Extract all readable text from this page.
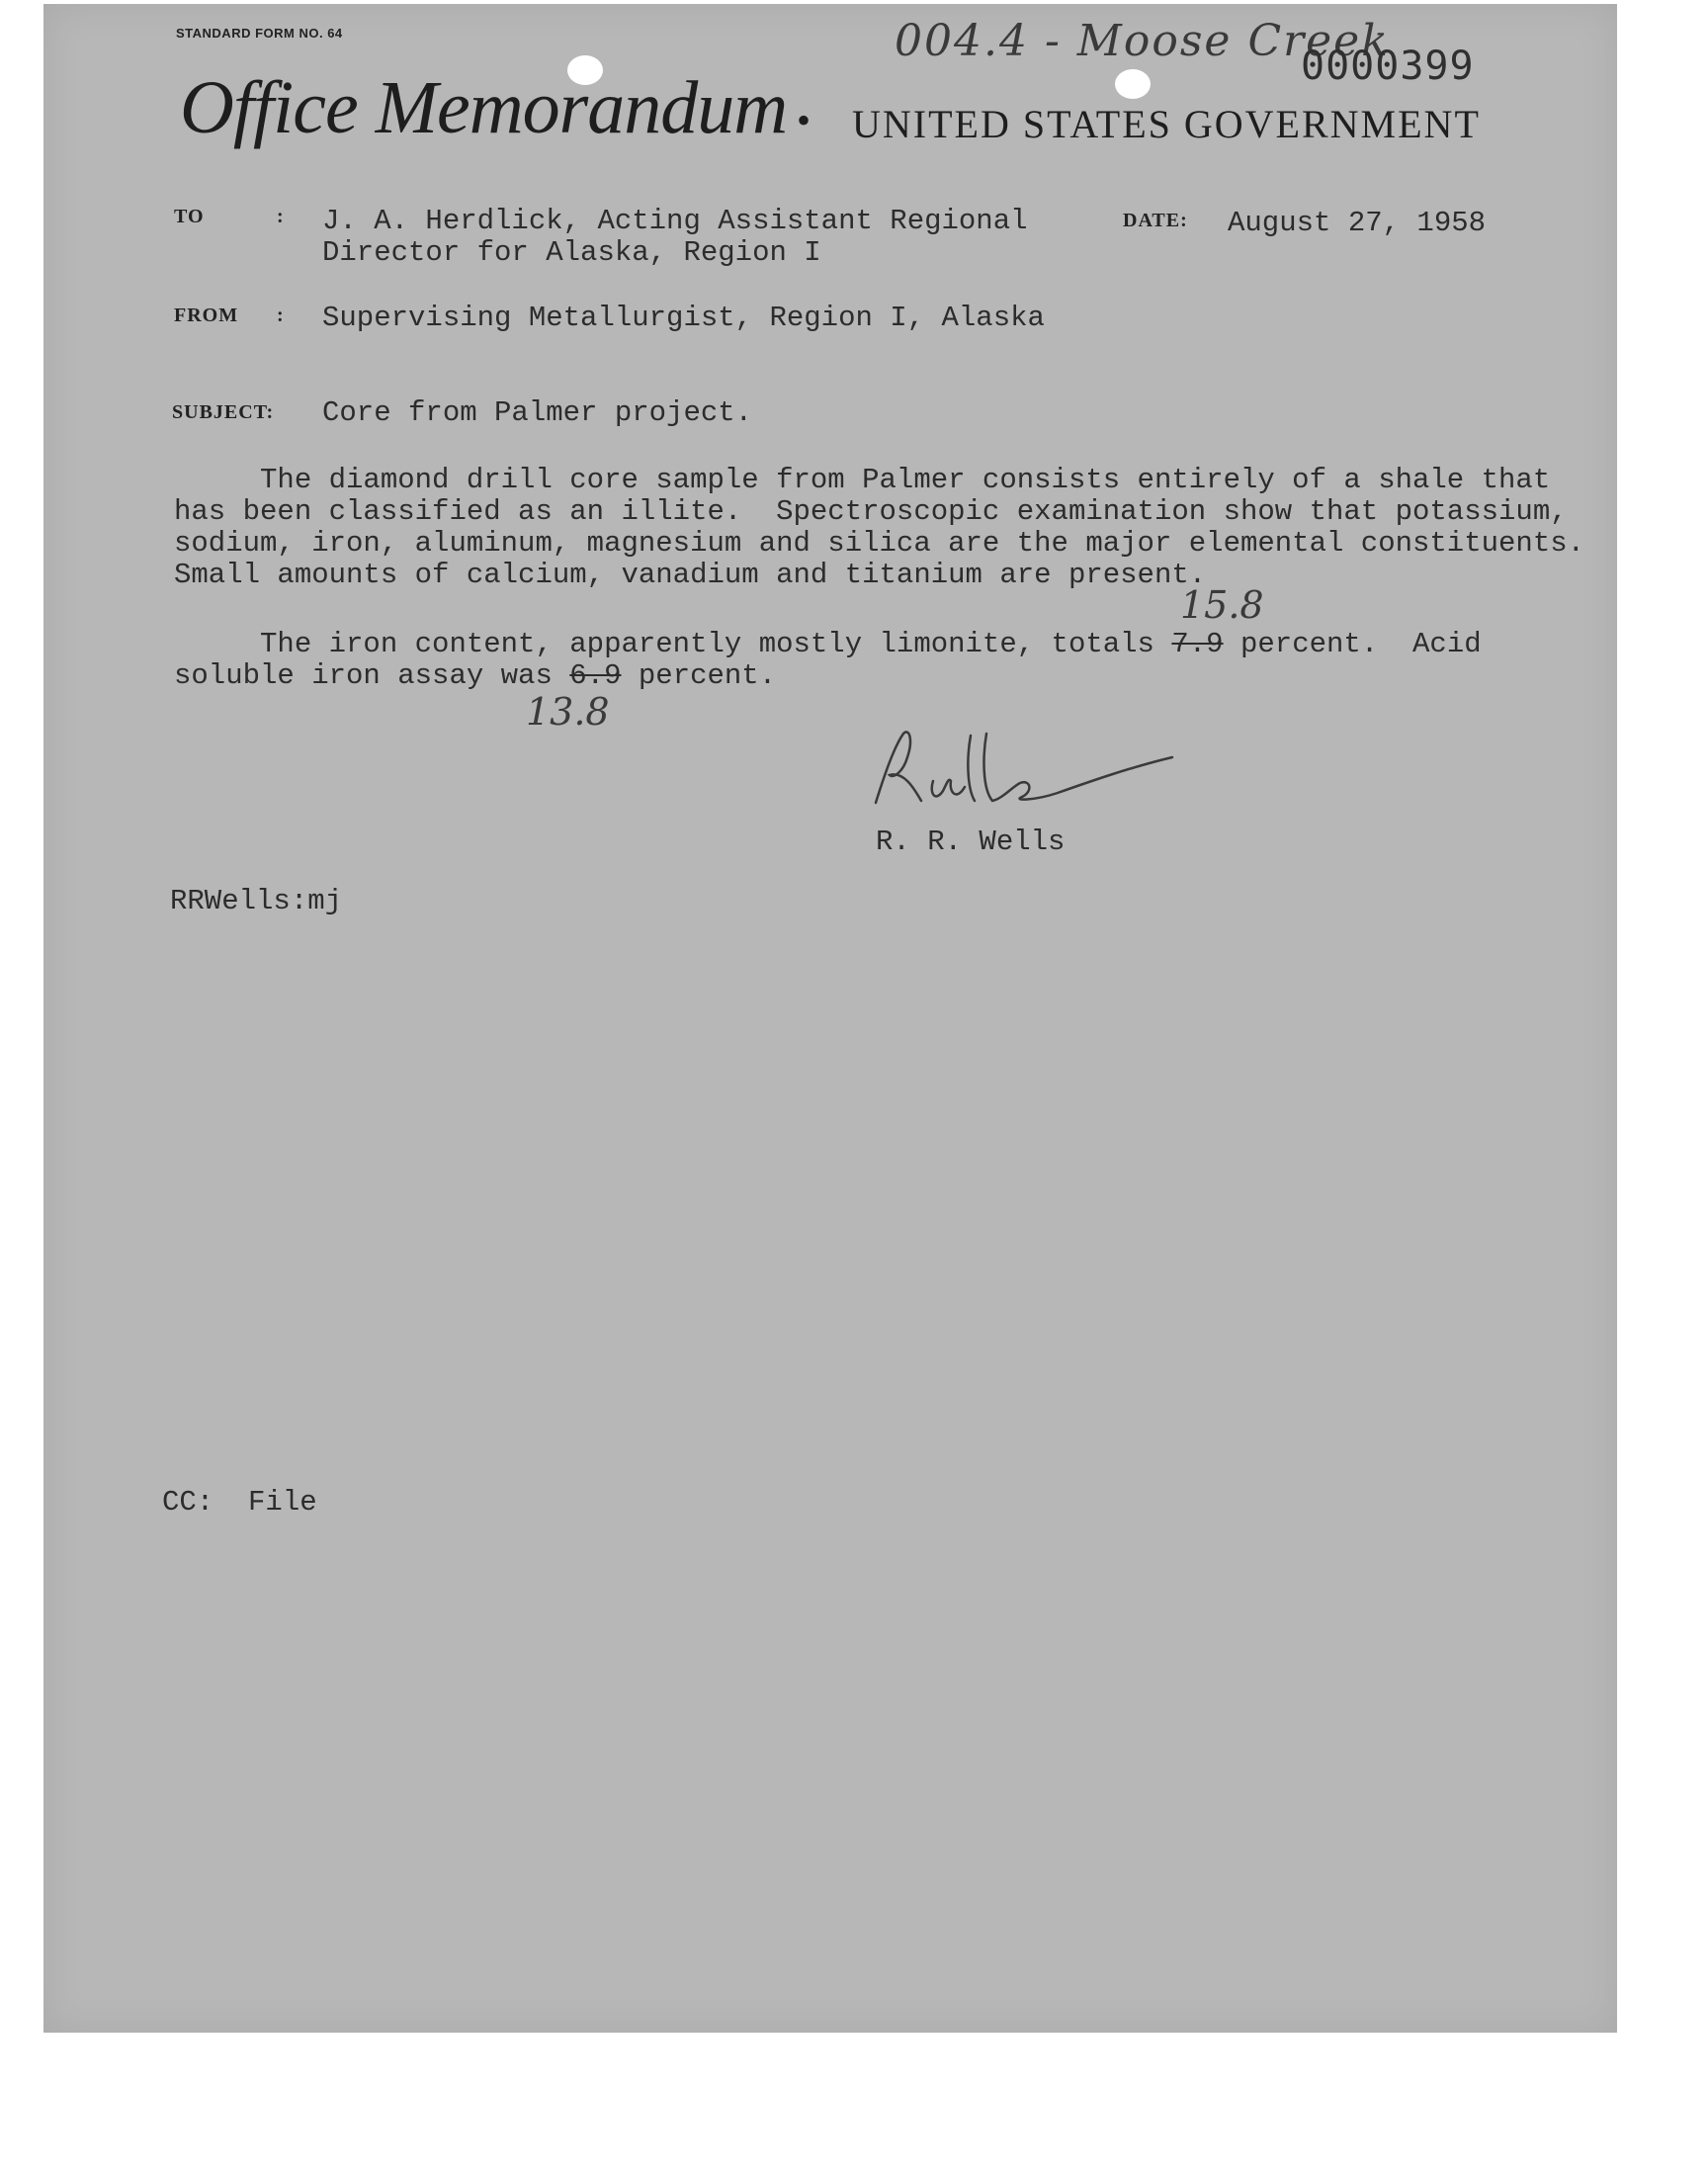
STANDARD FORM NO. 64	004.4 - Moose Creek
0000399
Office Memorandum • UNITED STATES GOVERNMENT
TO	: J. A. Herdlick, Acting Assistant Regional
Director for Alaska, Region I
DATE: August 27, 1958
FROM : Supervising Metallurgist, Region I, Alaska
SUBJECT: Core from Palmer project.
The diamond drill core sample from Palmer consists entirely of a shale that
has been classified as an illite.  Spectroscopic examination show that potassium,
sodium, iron, aluminum, magnesium and silica are the major elemental constituents.
Small amounts of calcium, vanadium and titanium are present.
The iron content, apparently mostly limonite, totals 7.9 percent.  Acid
soluble iron assay was 6.9 percent.
15.8
13.8
R. R. Wells
RRWells:mj
CC:  File
